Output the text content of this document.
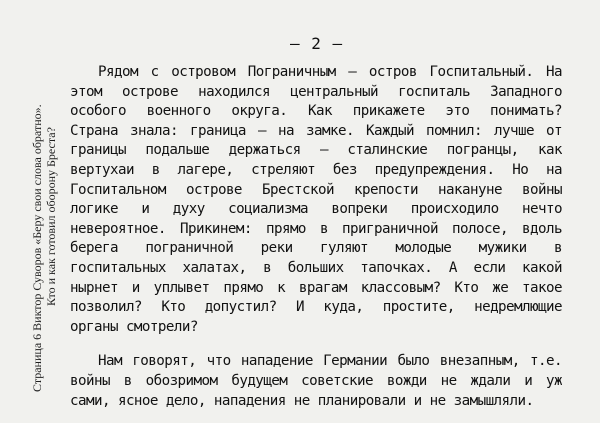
Страница 6 Виктор Суворов «Беру свои слова обратно». Кто и как готовил оборону Бреста?
– 2 –
Рядом с островом Пограничным – остров Госпитальный. На
этом острове находился центральный госпиталь Западного
особого военного округа. Как прикажете это понимать?
Страна знала: граница – на замке. Каждый помнил: лучше от
границы подальше держаться – сталинские погранцы, как
вертухаи в лагере, стреляют без предупреждения. Но на
Госпитальном острове Брестской крепости накануне войны
логике и духу социализма вопреки происходило нечто
невероятное. Прикинем: прямо в приграничной полосе, вдоль
берега пограничной реки гуляют молодые мужики в
госпитальных халатах, в больших тапочках. А если какой
нырнет и уплывет прямо к врагам классовым? Кто же такое
позволил? Кто допустил? И куда, простите, недремлющие
органы смотрели?
Нам говорят, что нападение Германии было внезапным, т.е.
войны в обозримом будущем советские вожди не ждали и уж
сами, ясное дело, нападения не планировали и не замышляли.
